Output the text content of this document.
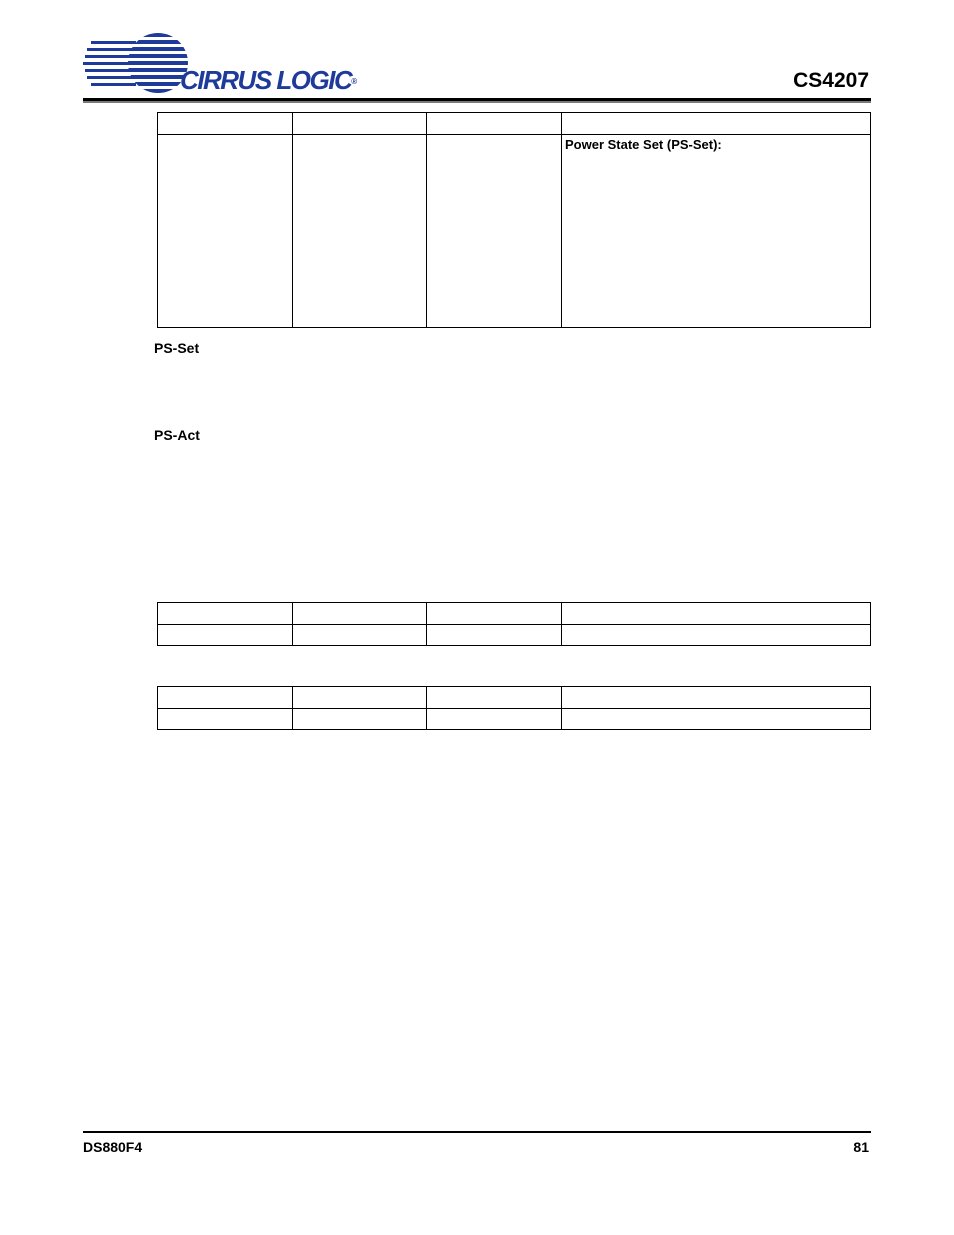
CIRRUS LOGIC®	CS4207

			Power State Set (PS-Set):
PS-Set
PS-Act

DS880F4	81
